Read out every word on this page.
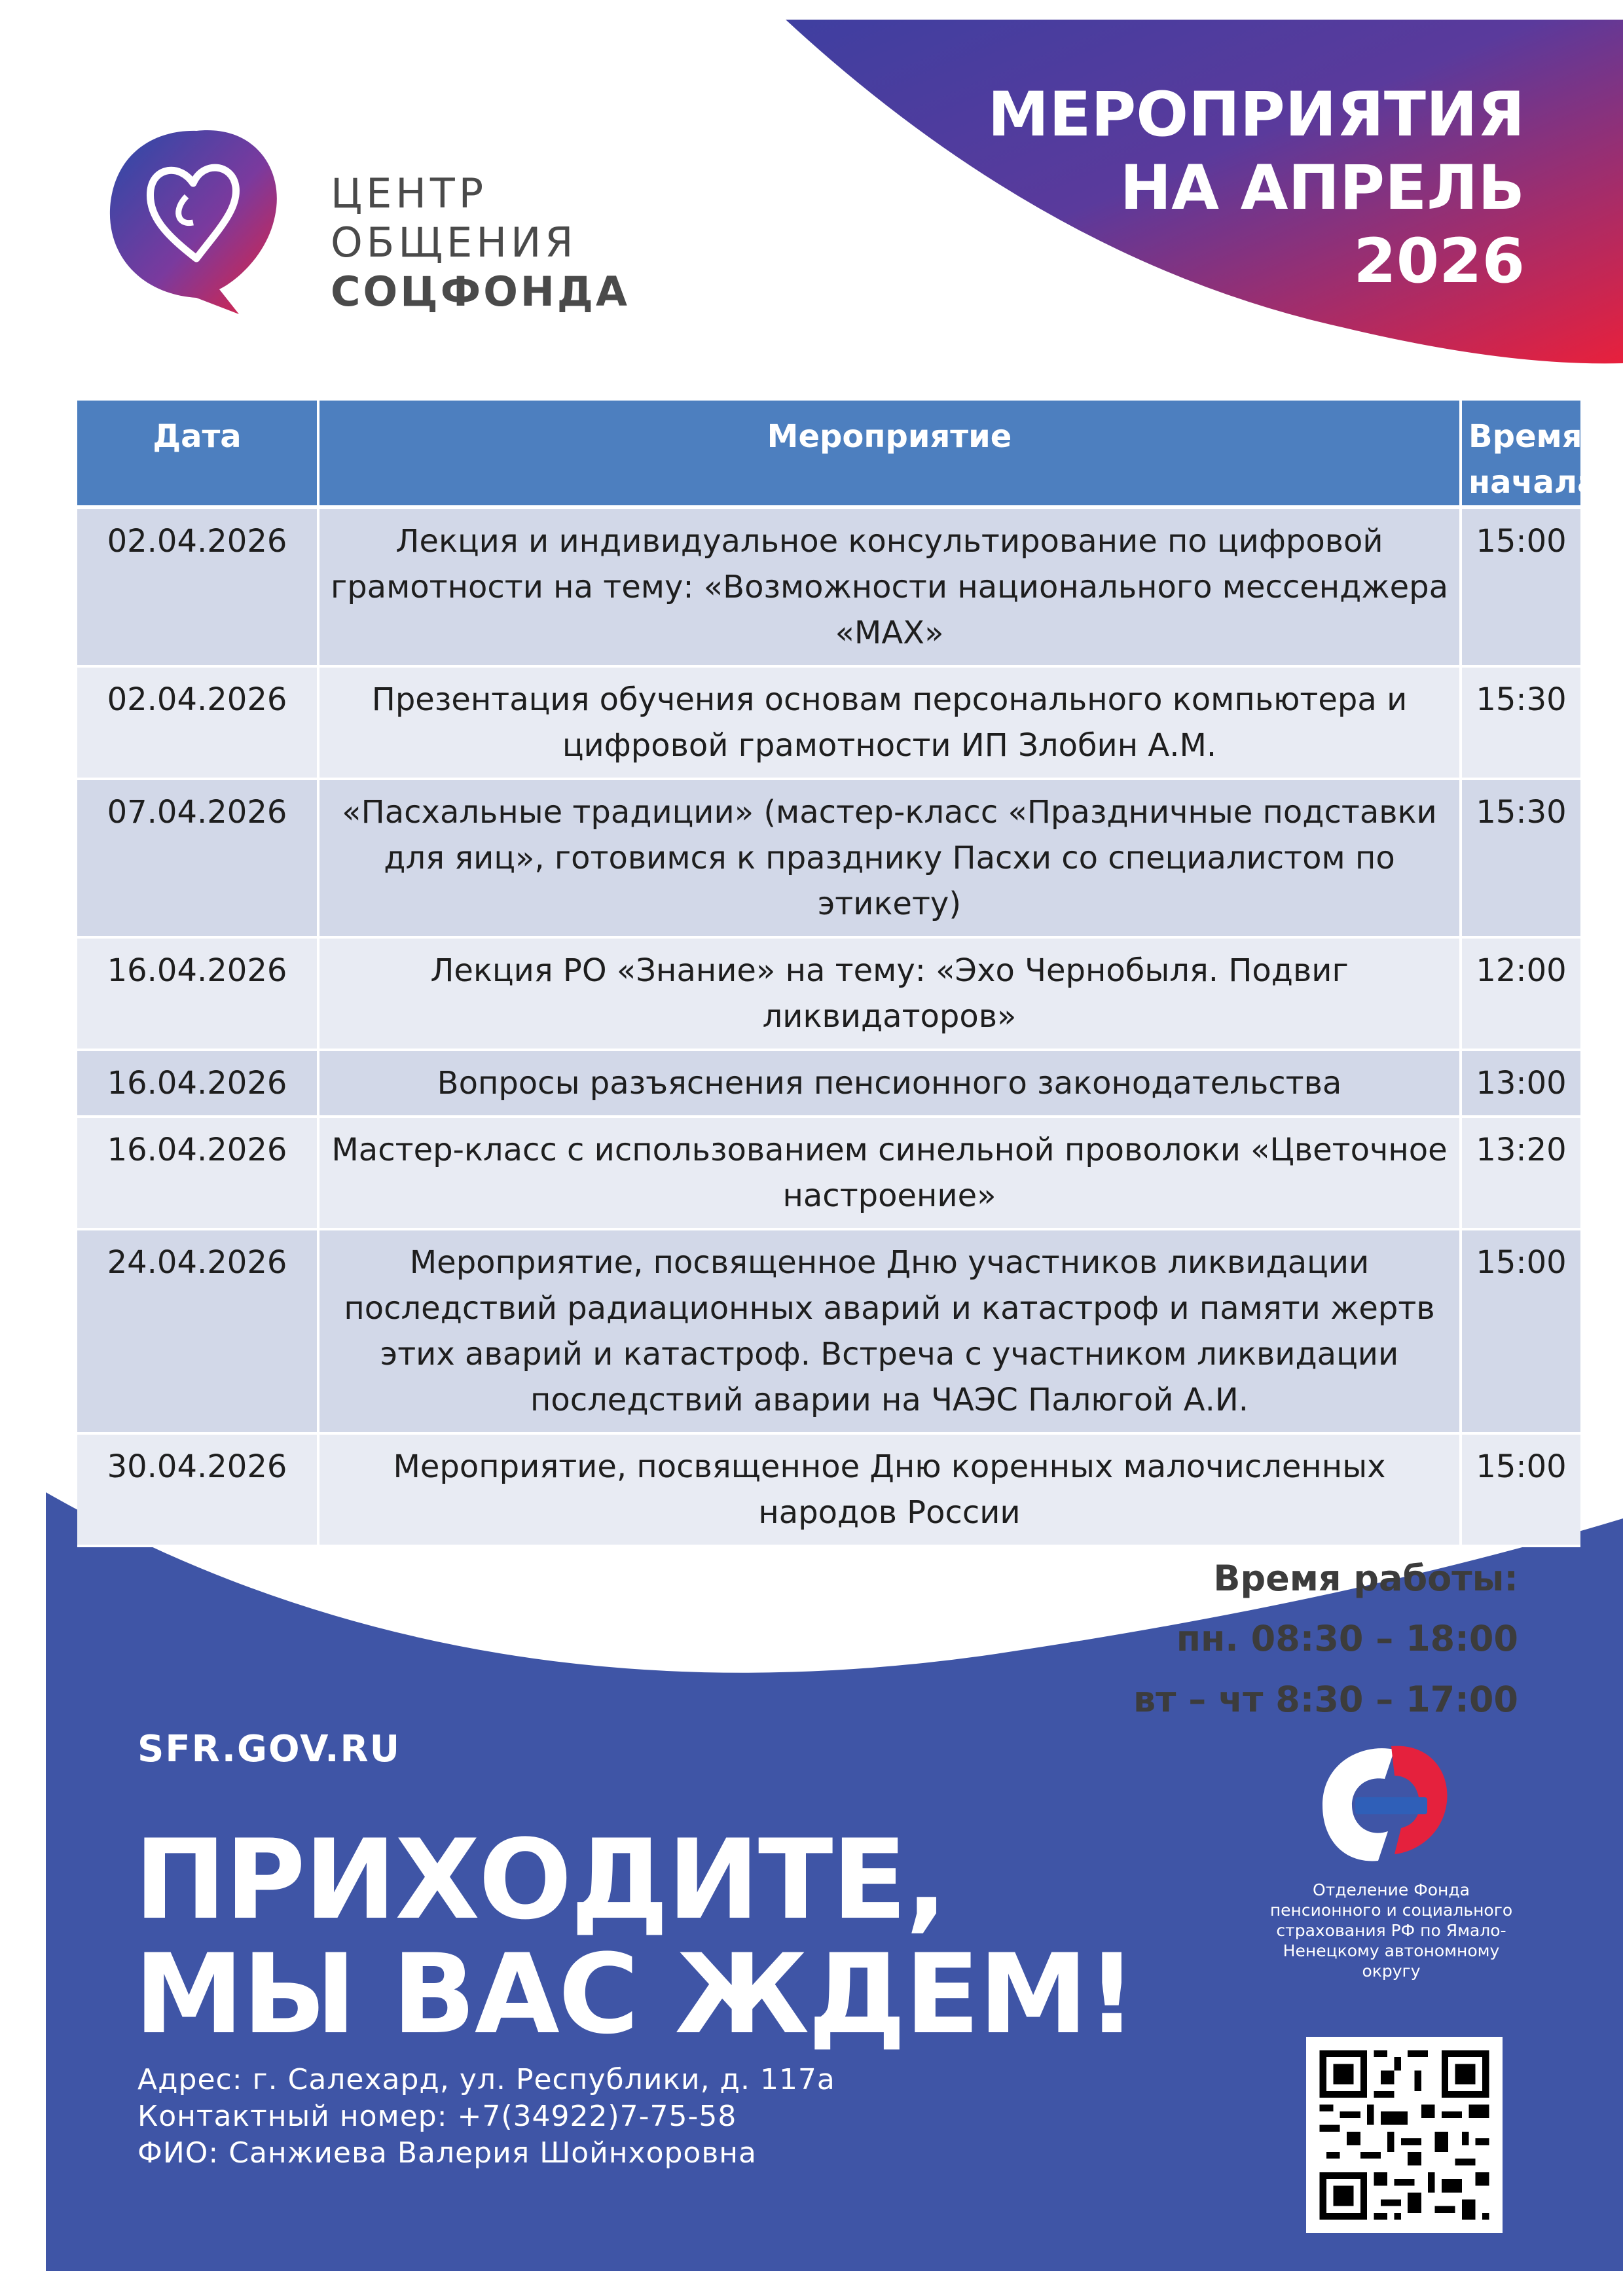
ЦЕНТР
ОБЩЕНИЯ
СОЦФОНДА
МЕРОПРИЯТИЯ
НА АПРЕЛЬ
2026
Дата	Мероприятие	Время начала
02.04.2026	Лекция и индивидуальное консультирование по цифровой грамотности на тему: «Возможности национального мессенджера «MAX»	15:00
02.04.2026	Презентация обучения основам персонального компьютера и цифровой грамотности ИП Злобин А.М.	15:30
07.04.2026	«Пасхальные традиции» (мастер-класс «Праздничные подставки для яиц», готовимся к празднику Пасхи со специалистом по этикету)	15:30
16.04.2026	Лекция РО «Знание» на тему: «Эхо Чернобыля. Подвиг ликвидаторов»	12:00
16.04.2026	Вопросы разъяснения пенсионного законодательства	13:00
16.04.2026	Мастер-класс с использованием синельной проволоки «Цветочное настроение»	13:20
24.04.2026	Мероприятие, посвященное Дню участников ликвидации последствий радиационных аварий и катастроф и памяти жертв этих аварий и катастроф. Встреча с участником ликвидации последствий аварии на ЧАЭС Палюгой А.И.	15:00
30.04.2026	Мероприятие, посвященное Дню коренных малочисленных народов России	15:00
Время работы:
пн. 08:30 – 18:00
вт – чт 8:30 – 17:00
SFR.GOV.RU
ПРИХОДИТЕ,
МЫ ВАС ЖДЕМ!
Адрес: г. Салехард, ул. Республики, д. 117а
Контактный номер: +7(34922)7-75-58
ФИО: Санжиева Валерия Шойнхоровна
Отделение Фонда пенсионного и социального страхования РФ по Ямало-Ненецкому автономному округу
